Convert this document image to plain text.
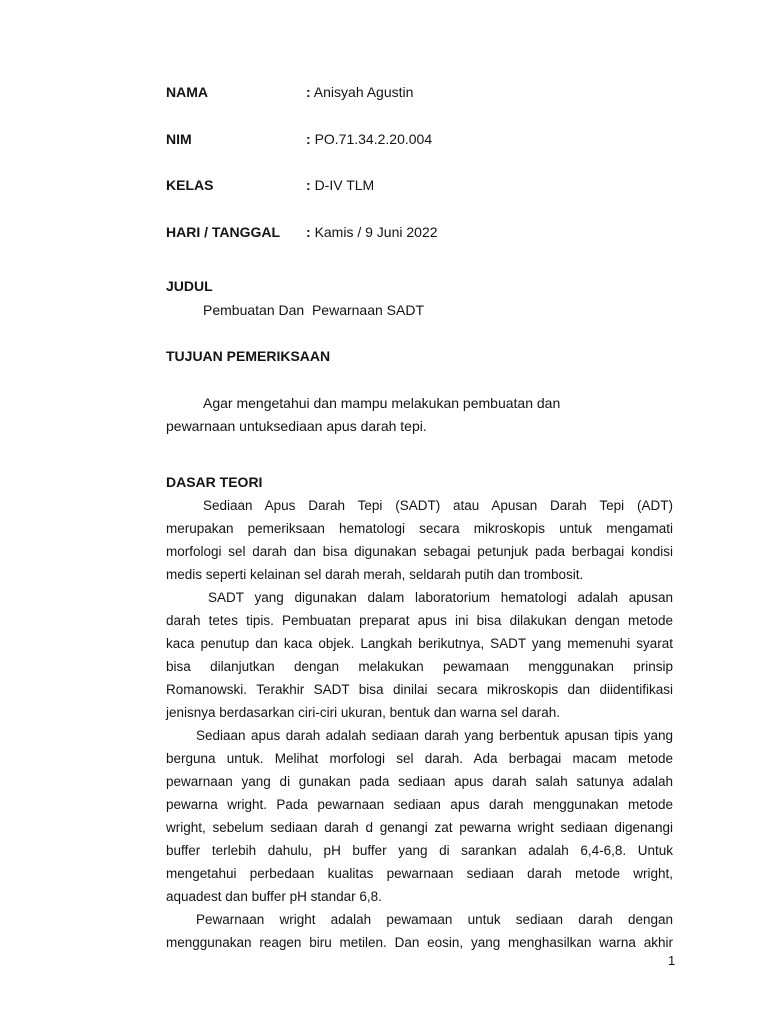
NAMA	: Anisyah Agustin
NIM	: PO.71.34.2.20.004
KELAS	: D-IV TLM
HARI / TANGGAL : Kamis / 9 Juni 2022
JUDUL
Pembuatan Dan  Pewarnaan SADT
TUJUAN PEMERIKSAAN
Agar mengetahui dan mampu melakukan pembuatan dan
pewarnaan untuksediaan apus darah tepi.
DASAR TEORI
Sediaan Apus Darah Tepi (SADT) atau Apusan Darah Tepi (ADT)
merupakan pemeriksaan hematologi secara mikroskopis untuk mengamati
morfologi sel darah dan bisa digunakan sebagai petunjuk pada berbagai kondisi
medis seperti kelainan sel darah merah, seldarah putih dan trombosit.
SADT yang digunakan dalam laboratorium hematologi adalah apusan
darah tetes tipis. Pembuatan preparat apus ini bisa dilakukan dengan metode
kaca penutup dan kaca objek. Langkah berikutnya, SADT yang memenuhi syarat
bisa dilanjutkan dengan melakukan pewamaan menggunakan prinsip
Romanowski. Terakhir SADT bisa dinilai secara mikroskopis dan diidentifikasi
jenisnya berdasarkan ciri-ciri ukuran, bentuk dan warna sel darah.
Sediaan apus darah adalah sediaan darah yang berbentuk apusan tipis yang
berguna untuk. Melihat morfologi sel darah. Ada berbagai macam metode
pewarnaan yang di gunakan pada sediaan apus darah salah satunya adalah
pewarna wright. Pada pewarnaan sediaan apus darah menggunakan metode
wright, sebelum sediaan darah d genangi zat pewarna wright sediaan digenangi
buffer terlebih dahulu, pH buffer yang di sarankan adalah 6,4-6,8. Untuk
mengetahui perbedaan kualitas pewarnaan sediaan darah metode wright,
aquadest dan buffer pH standar 6,8.
Pewarnaan wright adalah pewamaan untuk sediaan darah dengan
menggunakan reagen biru metilen. Dan eosin, yang menghasilkan warna akhir
1
